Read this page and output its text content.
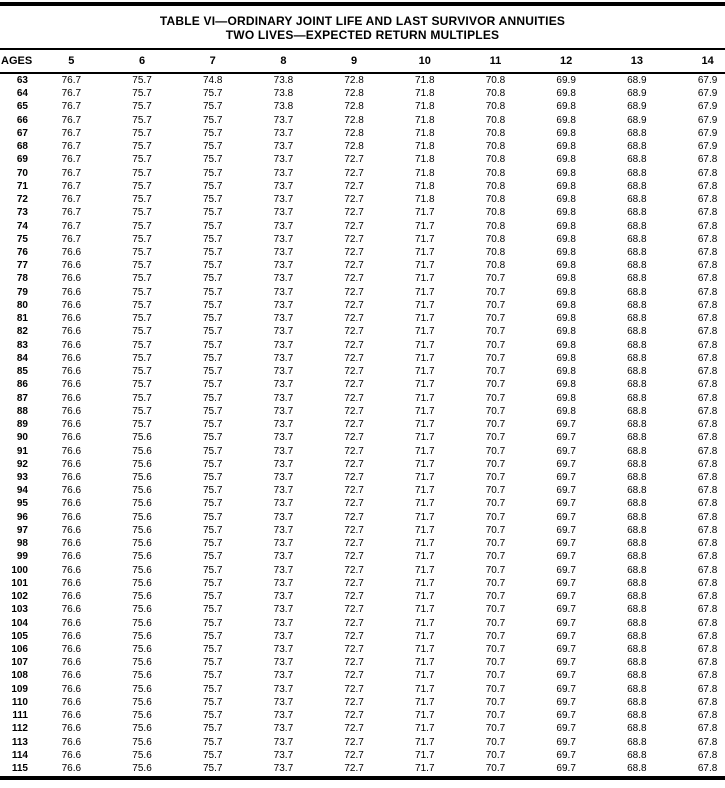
TABLE VI—ORDINARY JOINT LIFE AND LAST SURVIVOR ANNUITIES
TWO LIVES—EXPECTED RETURN MULTIPLES
AGES	5	6	7	8	9	10	11	12	13	14
63	76.7	75.7	74.8	73.8	72.8	71.8	70.8	69.9	68.9	67.9
64	76.7	75.7	75.7	73.8	72.8	71.8	70.8	69.8	68.9	67.9
65	76.7	75.7	75.7	73.8	72.8	71.8	70.8	69.8	68.9	67.9
66	76.7	75.7	75.7	73.7	72.8	71.8	70.8	69.8	68.9	67.9
67	76.7	75.7	75.7	73.7	72.8	71.8	70.8	69.8	68.8	67.9
68	76.7	75.7	75.7	73.7	72.8	71.8	70.8	69.8	68.8	67.9
69	76.7	75.7	75.7	73.7	72.7	71.8	70.8	69.8	68.8	67.8
70	76.7	75.7	75.7	73.7	72.7	71.8	70.8	69.8	68.8	67.8
71	76.7	75.7	75.7	73.7	72.7	71.8	70.8	69.8	68.8	67.8
72	76.7	75.7	75.7	73.7	72.7	71.8	70.8	69.8	68.8	67.8
73	76.7	75.7	75.7	73.7	72.7	71.7	70.8	69.8	68.8	67.8
74	76.7	75.7	75.7	73.7	72.7	71.7	70.8	69.8	68.8	67.8
75	76.7	75.7	75.7	73.7	72.7	71.7	70.8	69.8	68.8	67.8
76	76.6	75.7	75.7	73.7	72.7	71.7	70.8	69.8	68.8	67.8
77	76.6	75.7	75.7	73.7	72.7	71.7	70.8	69.8	68.8	67.8
78	76.6	75.7	75.7	73.7	72.7	71.7	70.7	69.8	68.8	67.8
79	76.6	75.7	75.7	73.7	72.7	71.7	70.7	69.8	68.8	67.8
80	76.6	75.7	75.7	73.7	72.7	71.7	70.7	69.8	68.8	67.8
81	76.6	75.7	75.7	73.7	72.7	71.7	70.7	69.8	68.8	67.8
82	76.6	75.7	75.7	73.7	72.7	71.7	70.7	69.8	68.8	67.8
83	76.6	75.7	75.7	73.7	72.7	71.7	70.7	69.8	68.8	67.8
84	76.6	75.7	75.7	73.7	72.7	71.7	70.7	69.8	68.8	67.8
85	76.6	75.7	75.7	73.7	72.7	71.7	70.7	69.8	68.8	67.8
86	76.6	75.7	75.7	73.7	72.7	71.7	70.7	69.8	68.8	67.8
87	76.6	75.7	75.7	73.7	72.7	71.7	70.7	69.8	68.8	67.8
88	76.6	75.7	75.7	73.7	72.7	71.7	70.7	69.8	68.8	67.8
89	76.6	75.7	75.7	73.7	72.7	71.7	70.7	69.7	68.8	67.8
90	76.6	75.6	75.7	73.7	72.7	71.7	70.7	69.7	68.8	67.8
91	76.6	75.6	75.7	73.7	72.7	71.7	70.7	69.7	68.8	67.8
92	76.6	75.6	75.7	73.7	72.7	71.7	70.7	69.7	68.8	67.8
93	76.6	75.6	75.7	73.7	72.7	71.7	70.7	69.7	68.8	67.8
94	76.6	75.6	75.7	73.7	72.7	71.7	70.7	69.7	68.8	67.8
95	76.6	75.6	75.7	73.7	72.7	71.7	70.7	69.7	68.8	67.8
96	76.6	75.6	75.7	73.7	72.7	71.7	70.7	69.7	68.8	67.8
97	76.6	75.6	75.7	73.7	72.7	71.7	70.7	69.7	68.8	67.8
98	76.6	75.6	75.7	73.7	72.7	71.7	70.7	69.7	68.8	67.8
99	76.6	75.6	75.7	73.7	72.7	71.7	70.7	69.7	68.8	67.8
100	76.6	75.6	75.7	73.7	72.7	71.7	70.7	69.7	68.8	67.8
101	76.6	75.6	75.7	73.7	72.7	71.7	70.7	69.7	68.8	67.8
102	76.6	75.6	75.7	73.7	72.7	71.7	70.7	69.7	68.8	67.8
103	76.6	75.6	75.7	73.7	72.7	71.7	70.7	69.7	68.8	67.8
104	76.6	75.6	75.7	73.7	72.7	71.7	70.7	69.7	68.8	67.8
105	76.6	75.6	75.7	73.7	72.7	71.7	70.7	69.7	68.8	67.8
106	76.6	75.6	75.7	73.7	72.7	71.7	70.7	69.7	68.8	67.8
107	76.6	75.6	75.7	73.7	72.7	71.7	70.7	69.7	68.8	67.8
108	76.6	75.6	75.7	73.7	72.7	71.7	70.7	69.7	68.8	67.8
109	76.6	75.6	75.7	73.7	72.7	71.7	70.7	69.7	68.8	67.8
110	76.6	75.6	75.7	73.7	72.7	71.7	70.7	69.7	68.8	67.8
111	76.6	75.6	75.7	73.7	72.7	71.7	70.7	69.7	68.8	67.8
112	76.6	75.6	75.7	73.7	72.7	71.7	70.7	69.7	68.8	67.8
113	76.6	75.6	75.7	73.7	72.7	71.7	70.7	69.7	68.8	67.8
114	76.6	75.6	75.7	73.7	72.7	71.7	70.7	69.7	68.8	67.8
115	76.6	75.6	75.7	73.7	72.7	71.7	70.7	69.7	68.8	67.8
